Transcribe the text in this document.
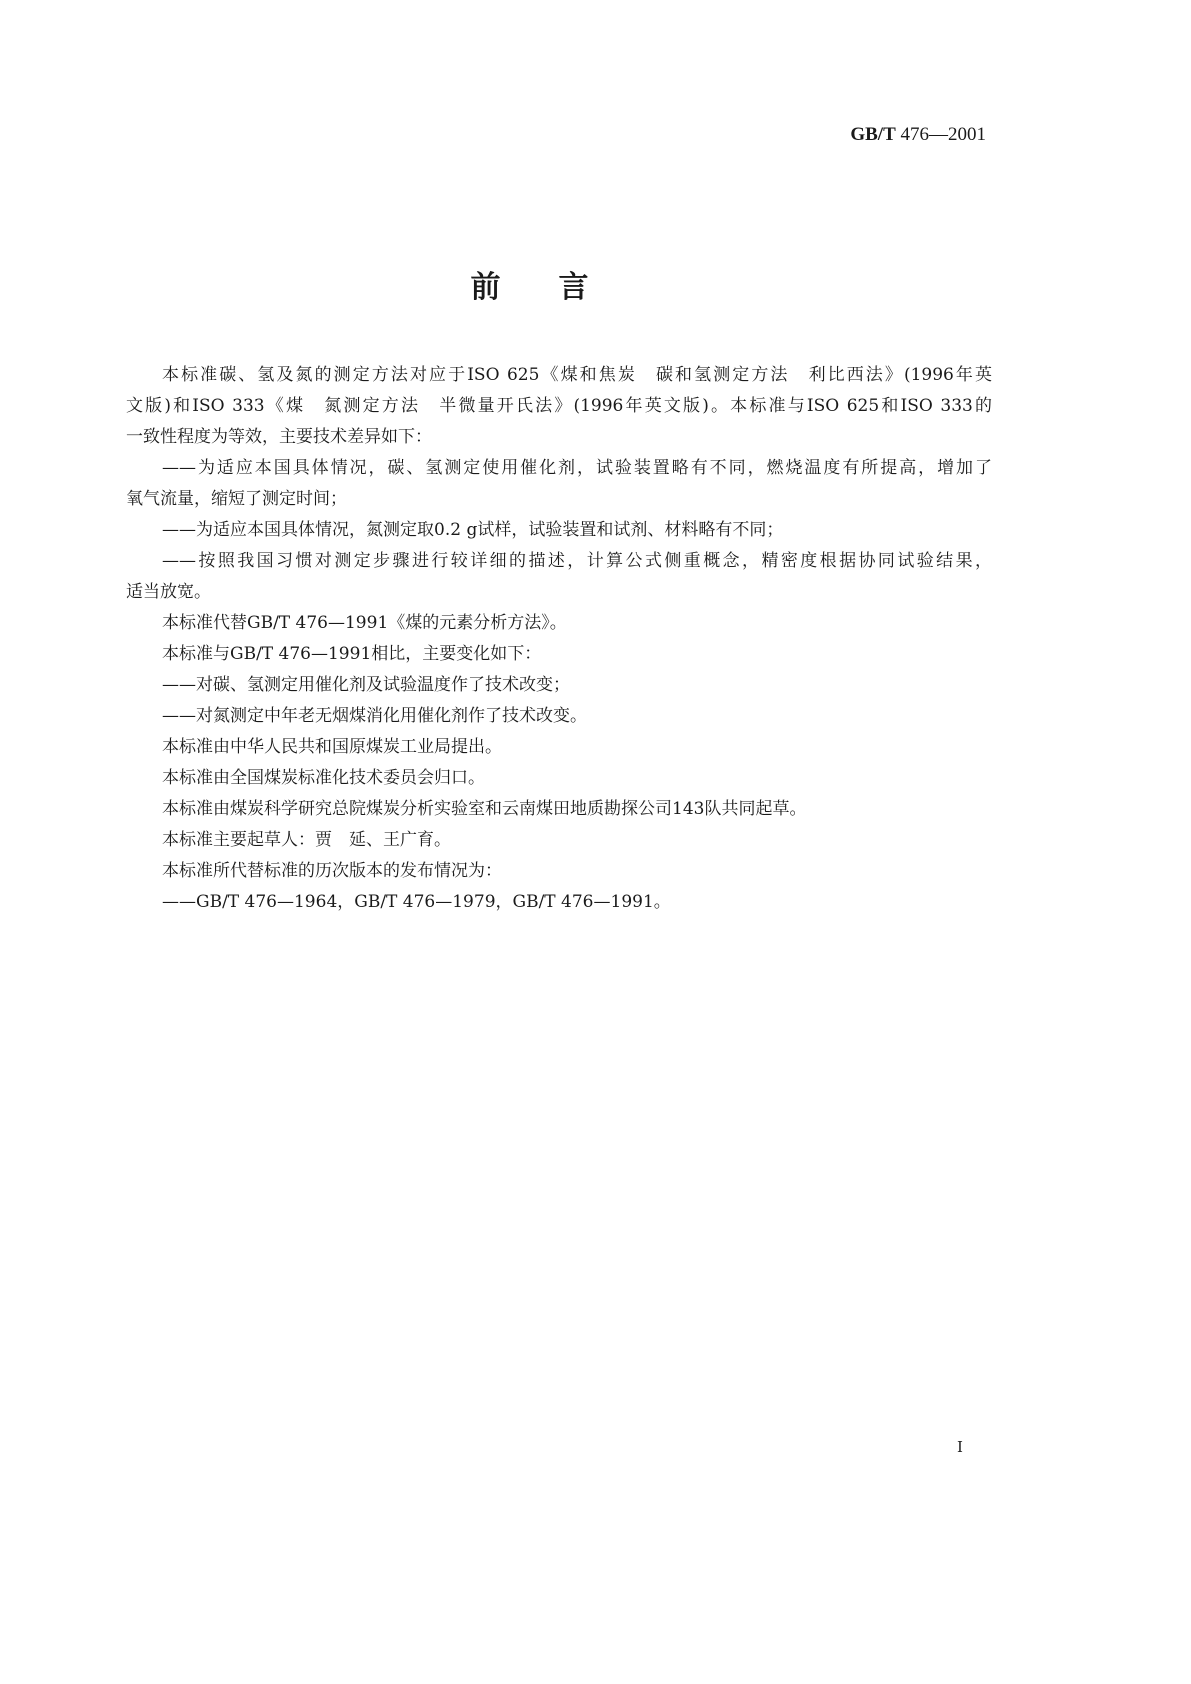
GB/T 476—2001
前言
本标准碳、氢及氮的测定方法对应于ISO 625《煤和焦炭　碳和氢测定方法　利比西法》(1996年英
文版)和ISO 333《煤　氮测定方法　半微量开氏法》(1996年英文版)。本标准与ISO 625和ISO 333的
一致性程度为等效，主要技术差异如下：
——为适应本国具体情况，碳、氢测定使用催化剂，试验装置略有不同，燃烧温度有所提高，增加了
氧气流量，缩短了测定时间；
——为适应本国具体情况，氮测定取0.2 g试样，试验装置和试剂、材料略有不同；
——按照我国习惯对测定步骤进行较详细的描述，计算公式侧重概念，精密度根据协同试验结果，
适当放宽。
本标准代替GB/T 476—1991《煤的元素分析方法》。
本标准与GB/T 476—1991相比，主要变化如下：
——对碳、氢测定用催化剂及试验温度作了技术改变；
——对氮测定中年老无烟煤消化用催化剂作了技术改变。
本标准由中华人民共和国原煤炭工业局提出。
本标准由全国煤炭标准化技术委员会归口。
本标准由煤炭科学研究总院煤炭分析实验室和云南煤田地质勘探公司143队共同起草。
本标准主要起草人：贾　延、王广育。
本标准所代替标准的历次版本的发布情况为：
——GB/T 476—1964，GB/T 476—1979，GB/T 476—1991。
I
